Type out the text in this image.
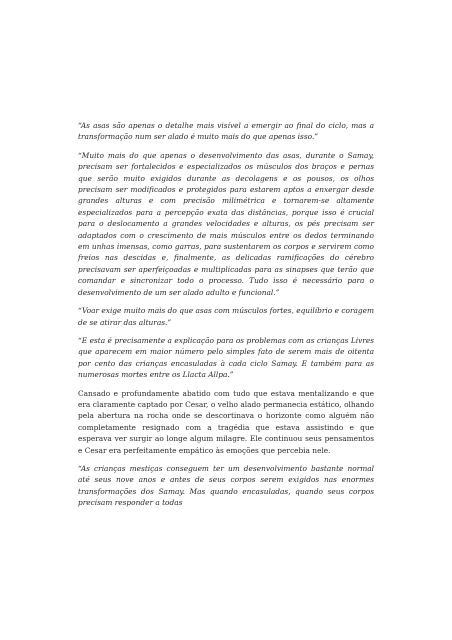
“As asas são apenas o detalhe mais visível a emergir ao final do ciclo, mas a transformação num ser alado é muito mais do que apenas isso.”

“Muito mais do que apenas o desenvolvimento das asas, durante o Samay, precisam ser fortalecidos e especializados os músculos dos braços e pernas que serão muito exigidos durante as decolagens e os pousos, os olhos precisam ser modificados e protegidos para estarem aptos a enxergar desde grandes alturas e com precisão milimétrica e tornarem-se altamente especializados para a percepção exata das distâncias, porque isso é crucial para o deslocamento a grandes velocidades e alturas, os pés precisam ser adaptados com o crescimento de mais músculos entre os dedos terminando em unhas imensas, como garras, para sustentarem os corpos e servirem como freios nas descidas e, finalmente, as delicadas ramificações do cérebro precisavam ser aperfeiçoadas e multiplicadas para as sinapses que terão que comandar e sincronizar todo o processo. Tudo isso é necessário para o desenvolvimento de um ser alado adulto e funcional.”

“Voar exige muito mais do que asas com músculos fortes, equilíbrio e coragem de se atirar das alturas.”

“E esta é precisamente a explicação para os problemas com as crianças Livres que aparecem em maior número pelo simples fato de serem mais de oitenta por cento das crianças encasuladas à cada ciclo Samay. E também para as numerosas mortes entre os Llacta Allpa.”

Cansado e profundamente abatido com tudo que estava mentalizando e que era claramente captado por Cesar, o velho alado permanecia estático, olhando pela abertura na rocha onde se descortinava o horizonte como alguém não completamente resignado com a tragédia que estava assistindo e que esperava ver surgir ao longe algum milagre. Ele continuou seus pensamentos e Cesar era perfeitamente empático às emoções que percebia nele.

“As crianças mestiças conseguem ter um desenvolvimento bastante normal até seus nove anos e antes de seus corpos serem exigidos nas enormes transformações dos Samay. Mas quando encasuladas, quando seus corpos precisam responder a todas
